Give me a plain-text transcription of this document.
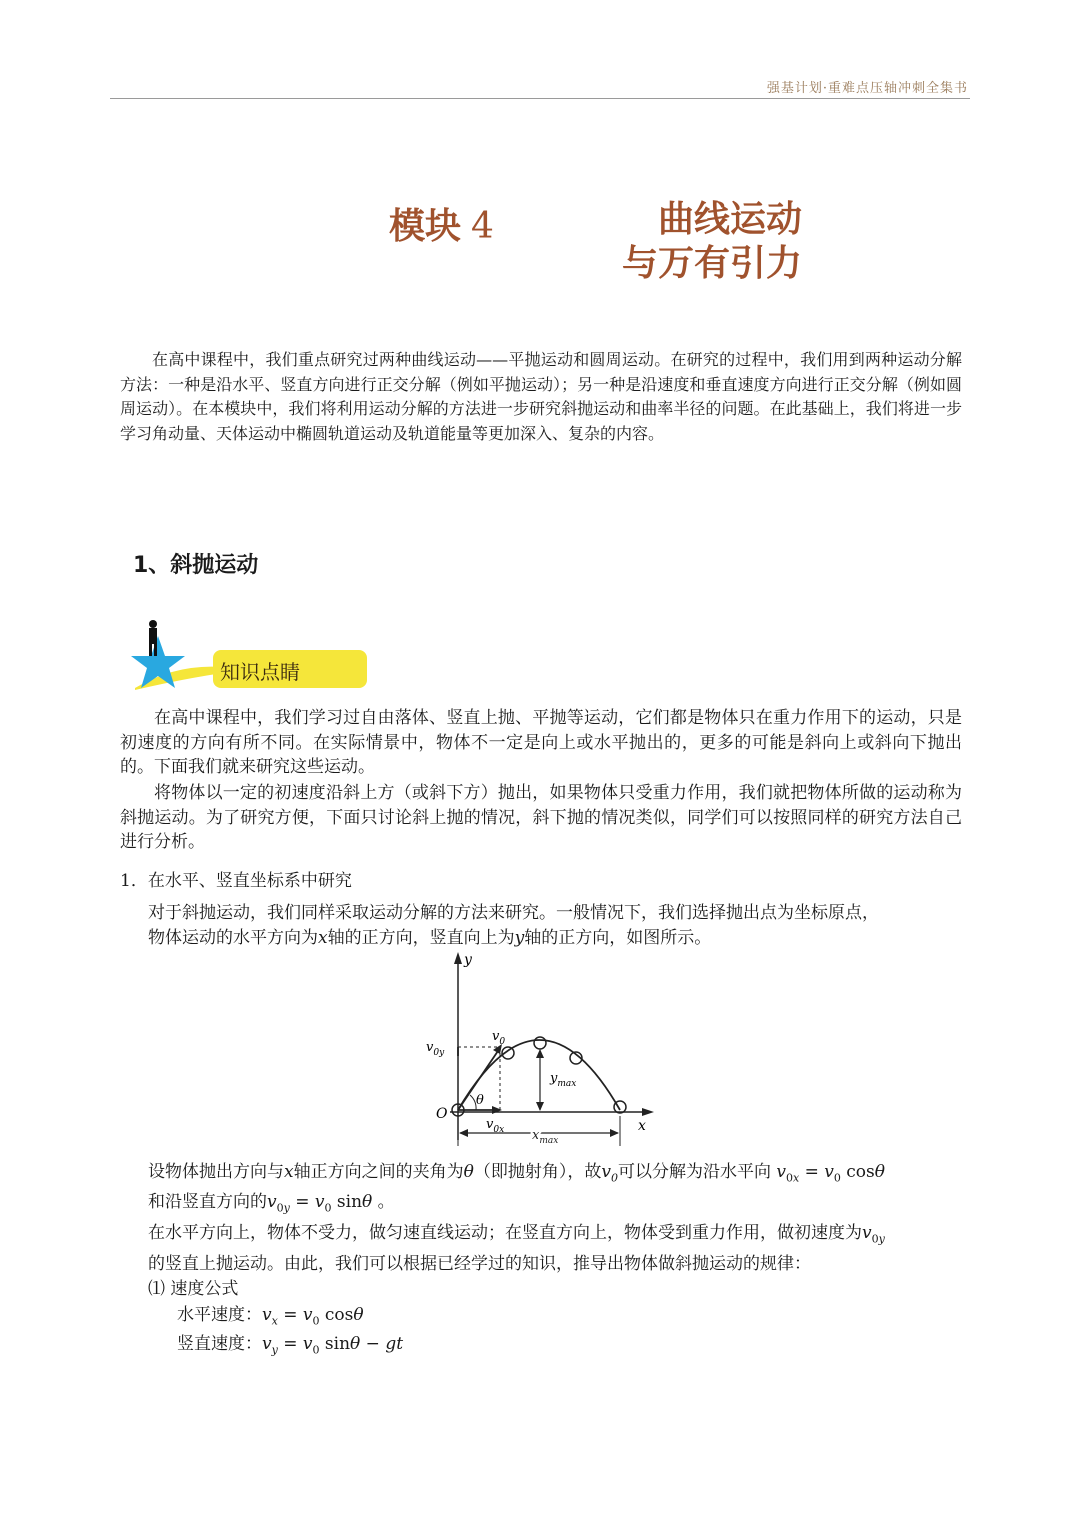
强基计划·重难点压轴冲刺全集书
模块 4	曲线运动
与万有引力
在高中课程中，我们重点研究过两种曲线运动——平抛运动和圆周运动。在研究的过程中，我们用到两种运动分解方法：一种是沿水平、竖直方向进行正交分解（例如平抛运动）；另一种是沿速度和垂直速度方向进行正交分解（例如圆周运动）。在本模块中，我们将利用运动分解的方法进一步研究斜抛运动和曲率半径的问题。在此基础上，我们将进一步学习角动量、天体运动中椭圆轨道运动及轨道能量等更加深入、复杂的内容。
1、斜抛运动
知识点睛
在高中课程中，我们学习过自由落体、竖直上抛、平抛等运动，它们都是物体只在重力作用下的运动，只是初速度的方向有所不同。在实际情景中，物体不一定是向上或水平抛出的，更多的可能是斜向上或斜向下抛出的。下面我们就来研究这些运动。
将物体以一定的初速度沿斜上方（或斜下方）抛出，如果物体只受重力作用，我们就把物体所做的运动称为斜抛运动。为了研究方便，下面只讨论斜上抛的情况，斜下抛的情况类似，同学们可以按照同样的研究方法自己进行分析。
1．在水平、竖直坐标系中研究
对于斜抛运动，我们同样采取运动分解的方法来研究。一般情况下，我们选择抛出点为坐标原点，
物体运动的水平方向为x轴的正方向，竖直向上为y轴的正方向，如图所示。
y
x
O
$v_0$
$v_{0y}$
$v_{0x}$
θ
$y_{max}$
$x_{max}$
设物体抛出方向与x轴正方向之间的夹角为θ（即抛射角），故$v_0$可以分解为沿水平向 $v_{0x} = v_0$ cosθ
和沿竖直方向的$v_{0y} = v_0$ sinθ 。
在水平方向上，物体不受力，做匀速直线运动；在竖直方向上，物体受到重力作用，做初速度为$v_{0y}$
的竖直上抛运动。由此，我们可以根据已经学过的知识，推导出物体做斜抛运动的规律：
⑴ 速度公式
水平速度：$v_x = v_0$ cosθ
竖直速度：$v_y = v_0$ sinθ − gt
